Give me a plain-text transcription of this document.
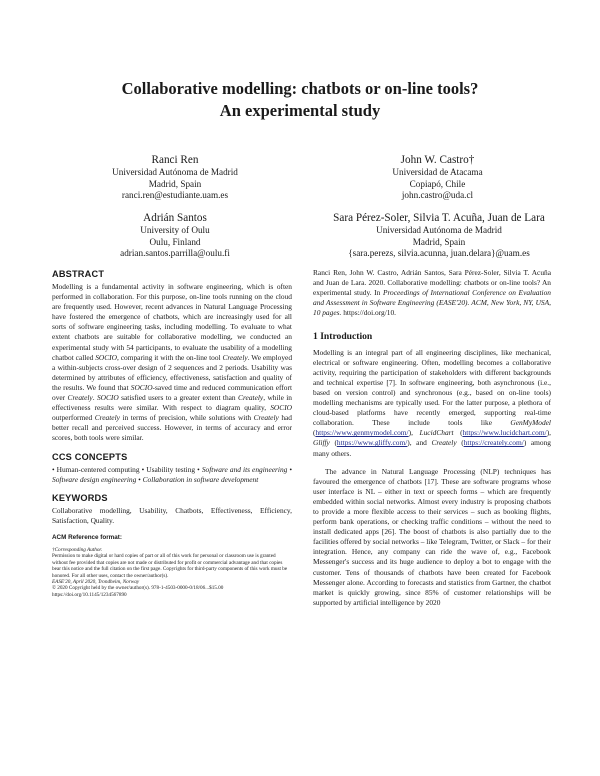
Collaborative modelling: chatbots or on-line tools?
An experimental study
Ranci Ren
Universidad Autónoma de Madrid
Madrid, Spain
ranci.ren@estudiante.uam.es
John W. Castro†
Universidad de Atacama
Copiapó, Chile
john.castro@uda.cl
Adrián Santos
University of Oulu
Oulu, Finland
adrian.santos.parrilla@oulu.fi
Sara Pérez-Soler, Silvia T. Acuña, Juan de Lara
Universidad Autónoma de Madrid
Madrid, Spain
{sara.perezs, silvia.acunna, juan.delara}@uam.es
ABSTRACT

Modelling is a fundamental activity in software engineering, which is often performed in collaboration. For this purpose, on-line tools running on the cloud are frequently used. However, recent advances in Natural Language Processing have fostered the emergence of chatbots, which are increasingly used for all sorts of software engineering tasks, including modelling. To evaluate to what extent chatbots are suitable for collaborative modelling, we conducted an experimental study with 54 participants, to evaluate the usability of a modelling chatbot called SOCIO, comparing it with the on-line tool Creately. We employed a within-subjects cross-over design of 2 sequences and 2 periods. Usability was determined by attributes of efficiency, effectiveness, satisfaction and quality of the results. We found that SOCIO-saved time and reduced communication effort over Creately. SOCIO satisfied users to a greater extent than Creately, while in effectiveness results were similar. With respect to diagram quality, SOCIO outperformed Creately in terms of precision, while solutions with Creately had better recall and perceived success. However, in terms of accuracy and error scores, both tools were similar.

CCS CONCEPTS

• Human-centered computing • Usability testing • Software and its engineering • Software design engineering • Collaboration in software development

KEYWORDS

Collaborative modelling, Usability, Chatbots, Effectiveness, Efficiency, Satisfaction, Quality.

ACM Reference format:
†Corresponding Author.
Permission to make digital or hard copies of part or all of this work for personal or classroom use is granted without fee provided that copies are not made or distributed for profit or commercial advantage and that copies bear this notice and the full citation on the first page. Copyrights for third-party components of this work must be honored. For all other uses, contact the owner/author(s).
EASE'20, April 2020, Trondheim, Norway
© 2020 Copyright held by the owner/author(s). 978-1-4503-0000-0/18/06...$15.00
https://doi.org/10.1145/1234567890

Ranci Ren, John W. Castro, Adrián Santos, Sara Pérez-Soler, Silvia T. Acuña and Juan de Lara. 2020. Collaborative modelling: chatbots or on-line tools? An experimental study. In Proceedings of International Conference on Evaluation and Assessment in Software Engineering (EASE'20). ACM, New York, NY, USA, 10 pages. https://doi.org/10.

1 Introduction

Modelling is an integral part of all engineering disciplines, like mechanical, electrical or software engineering. Often, modelling becomes a collaborative activity, requiring the participation of stakeholders with different backgrounds and technical expertise [7]. In software engineering, both asynchronous (i.e., based on version control) and synchronous (e.g., based on on-line tools) modelling mechanisms are typically used. For the latter purpose, a plethora of cloud-based platforms have recently emerged, supporting real-time collaboration. These include tools like GenMyModel (https://www.genmymodel.com/), LucidChart (https://www.lucidchart.com/), Gliffy (https://www.gliffy.com/), and Creately (https://creately.com/) among many others.

The advance in Natural Language Processing (NLP) techniques has favoured the emergence of chatbots [17]. These are software programs whose user interface is NL – either in text or speech forms – which are frequently embedded within social networks. Almost every industry is proposing chatbots to provide a more flexible access to their services – such as booking flights, perform bank operations, or checking traffic conditions – without the need to install dedicated apps [26]. The boost of chatbots is also partially due to the facilities offered by social networks – like Telegram, Twitter, or Slack – for their integration. Hence, any company can ride the wave of, e.g., Facebook Messenger's success and its huge audience to deploy a bot to engage with the customer. Tens of thousands of chatbots have been created for Facebook Messenger alone. According to forecasts and statistics from Gartner, the chatbot market is quickly growing, since 85% of customer relationships will be supported by artificial intelligence by 2020
